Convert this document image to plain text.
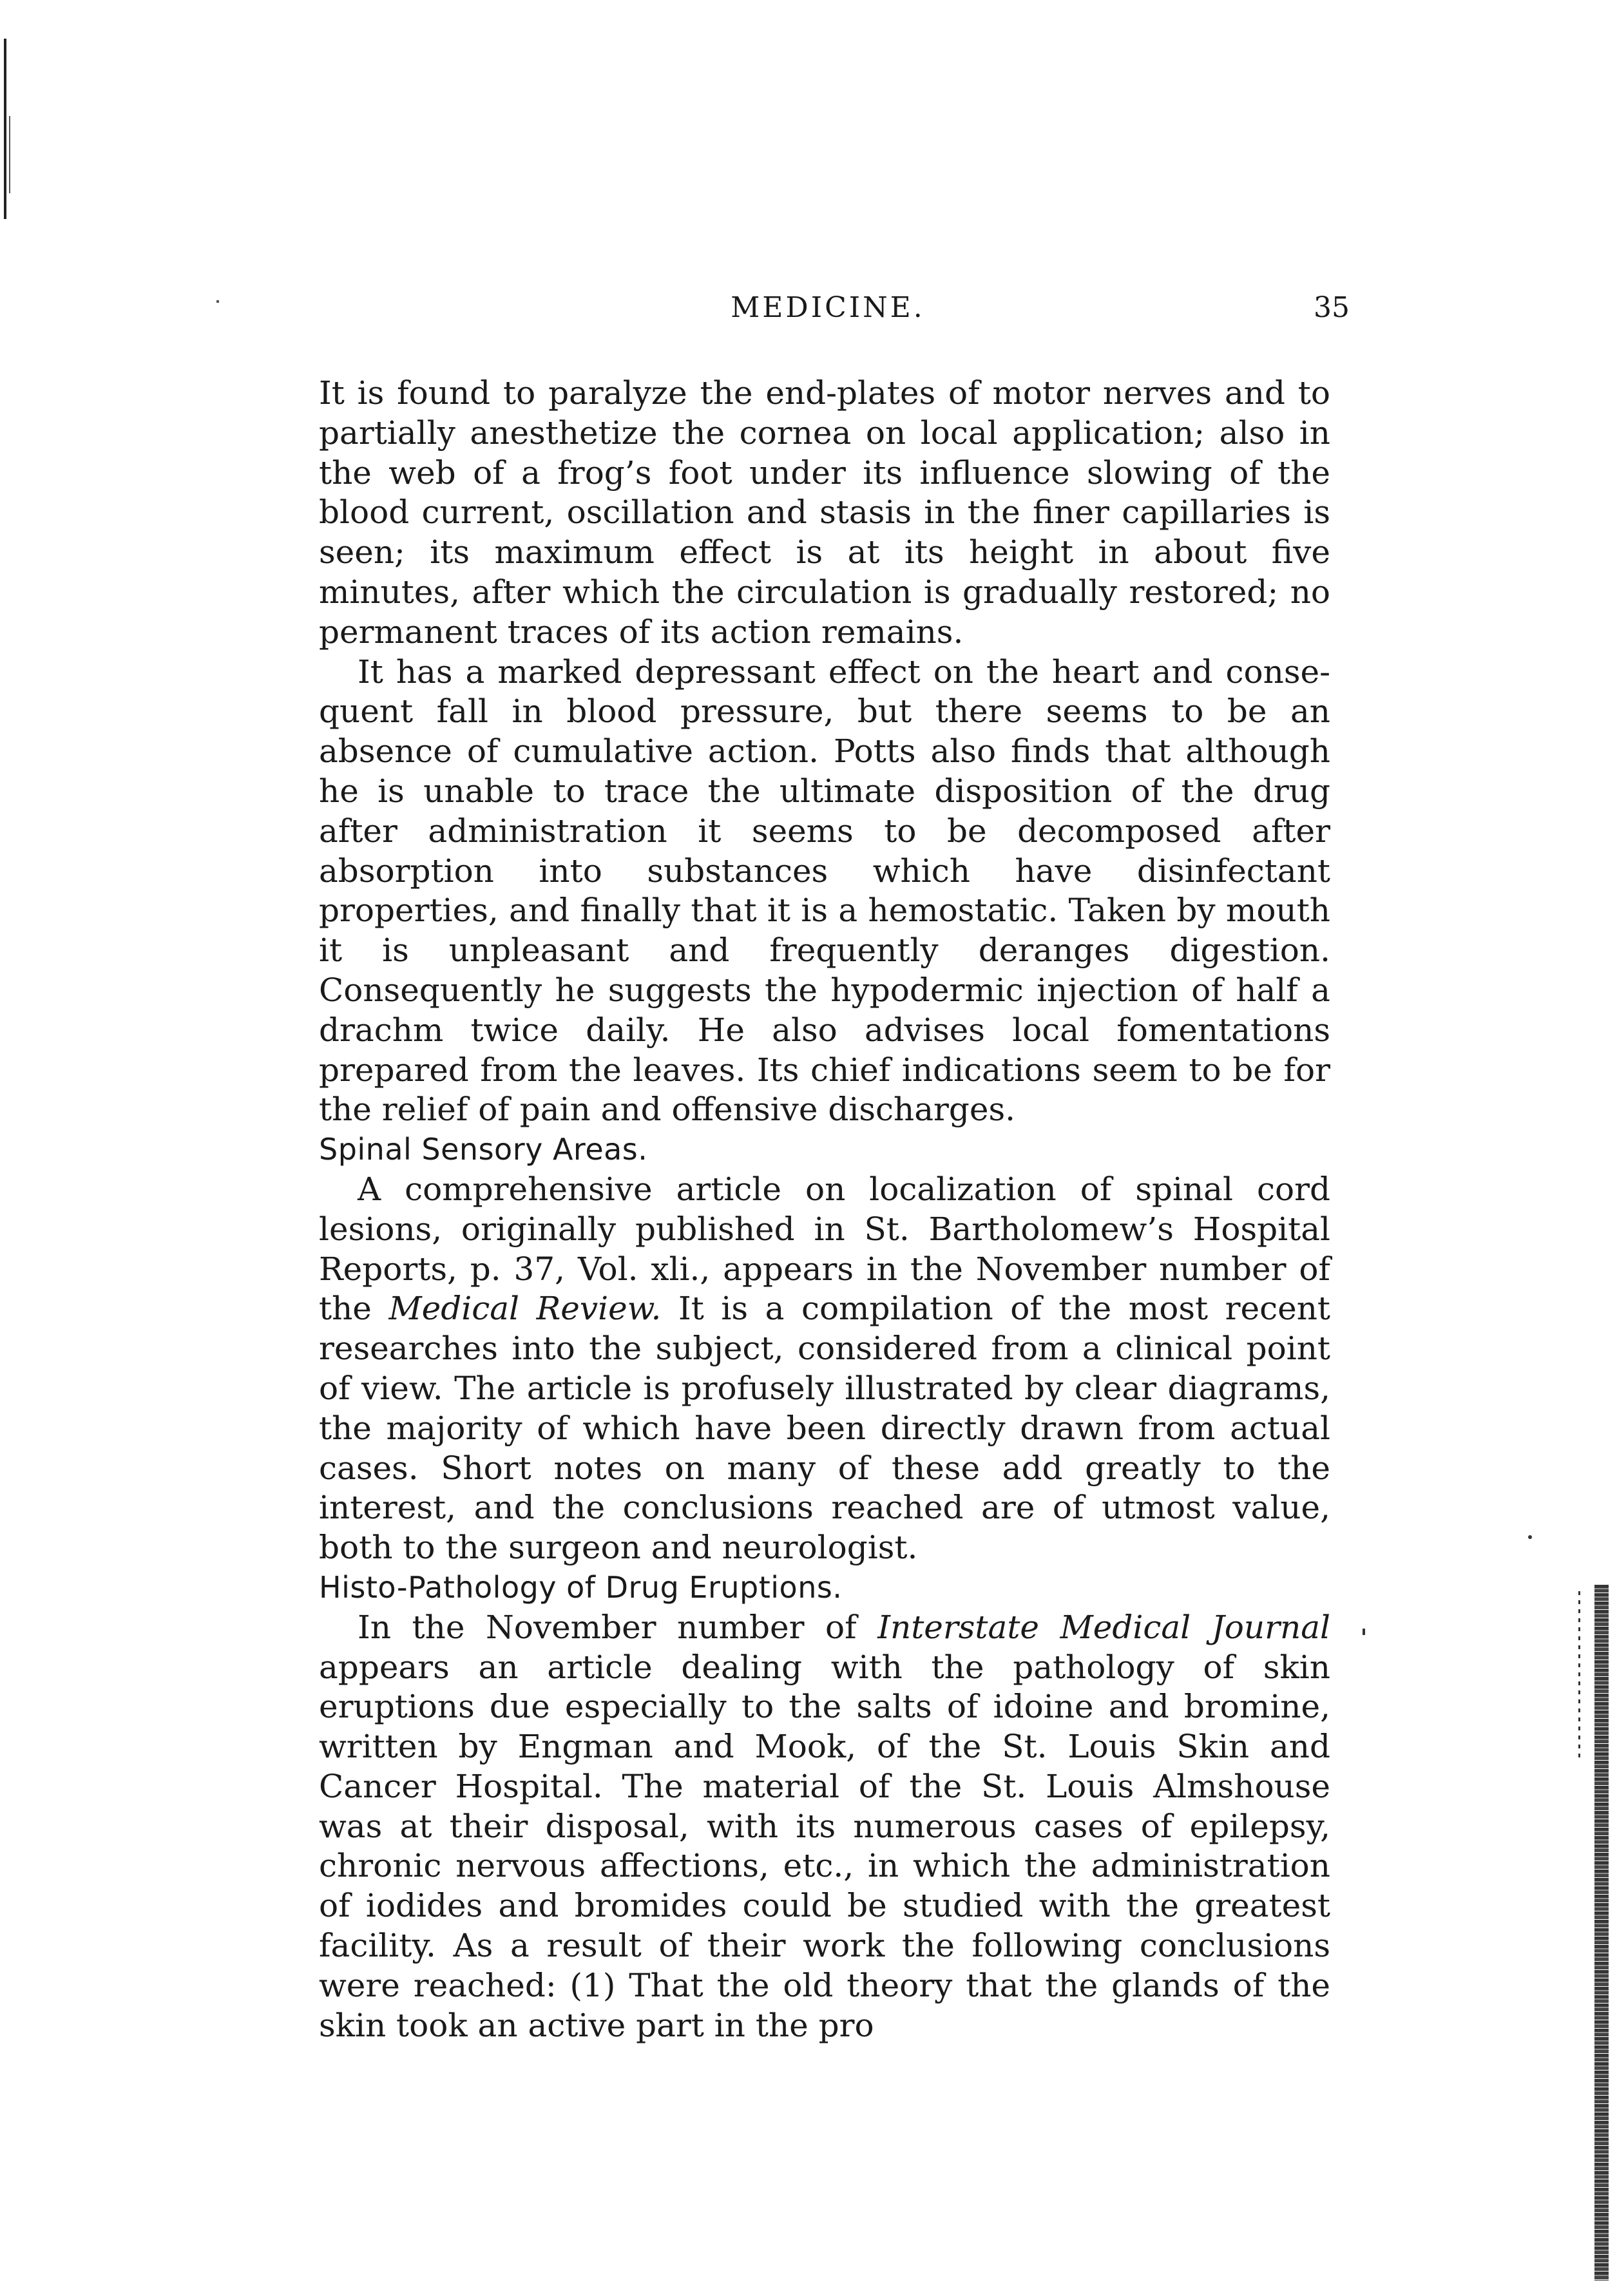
MEDICINE.	35

It is found to paralyze the end-plates of motor nerves and to partially anesthetize the cornea on local application; also in the web of a frog’s foot under its influence slowing of the blood current, oscillation and stasis in the finer capillaries is seen; its maximum effect is at its height in about five minutes, after which the circulation is gradually restored; no permanent traces of its action remains.

It has a marked depressant effect on the heart and consequent fall in blood pressure, but there seems to be an absence of cumulative action. Potts also finds that although he is unable to trace the ultimate disposition of the drug after administration it seems to be decomposed after absorption into substances which have disinfectant properties, and finally that it is a hemostatic. Taken by mouth it is unpleasant and frequently deranges digestion. Consequently he suggests the hypodermic injection of half a drachm twice daily. He also advises local fomentations prepared from the leaves. Its chief indications seem to be for the relief of pain and offensive discharges.

Spinal Sensory Areas.

A comprehensive article on localization of spinal cord lesions, originally published in St. Bartholomew’s Hospital Reports, p. 37, Vol. xli., appears in the November number of the Medical Review. It is a compilation of the most recent researches into the subject, considered from a clinical point of view. The article is profusely illustrated by clear diagrams, the majority of which have been directly drawn from actual cases. Short notes on many of these add greatly to the interest, and the conclusions reached are of utmost value, both to the surgeon and neurologist.

Histo-Pathology of Drug Eruptions.

In the November number of Interstate Medical Journal appears an article dealing with the pathology of skin eruptions due especially to the salts of idoine and bromine, written by Engman and Mook, of the St. Louis Skin and Cancer Hospital. The material of the St. Louis Almshouse was at their disposal, with its numerous cases of epilepsy, chronic nervous affections, etc., in which the administration of iodides and bromides could be studied with the greatest facility. As a result of their work the following conclusions were reached: (1) That the old theory that the glands of the skin took an active part in the pro
